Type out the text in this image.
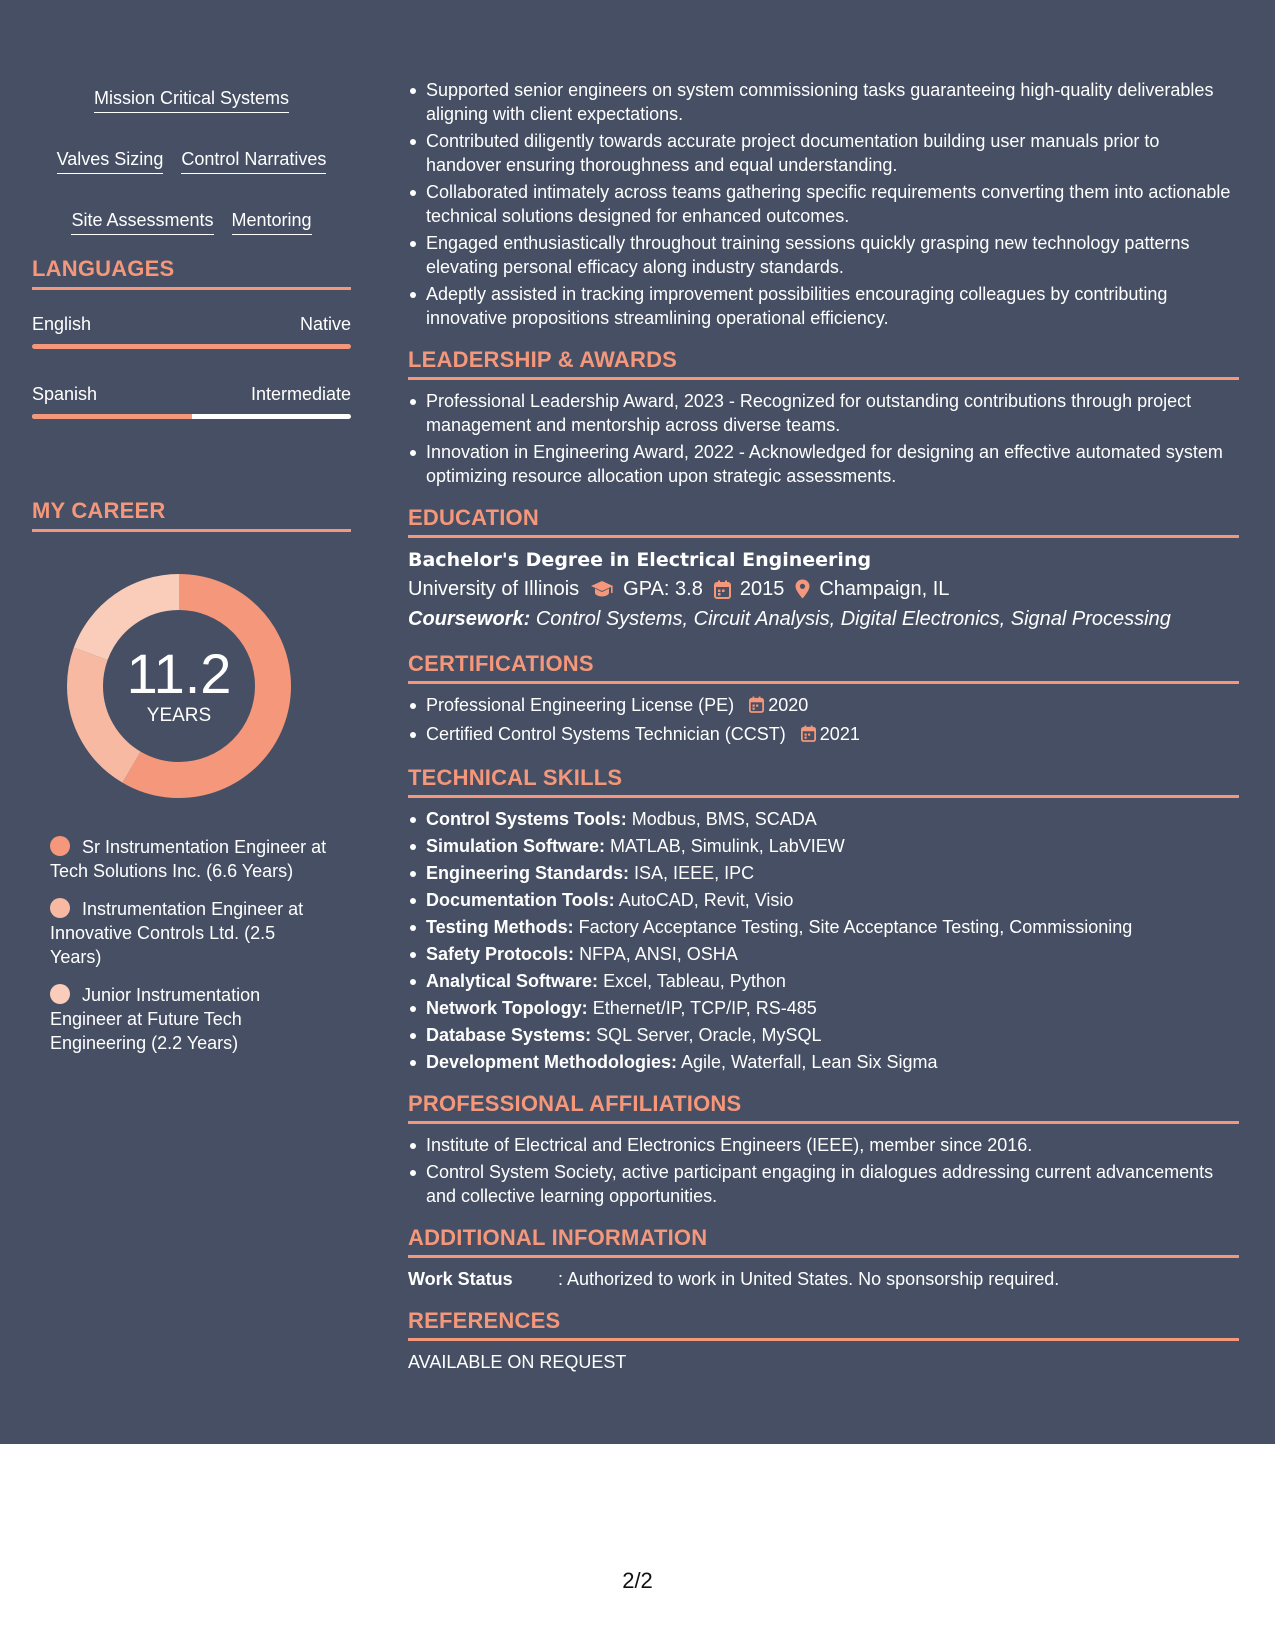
Mission Critical Systems
Valves Sizing Control Narratives
Site Assessments Mentoring
LANGUAGES
English	Native
Spanish	Intermediate
MY CAREER
11.2
YEARS
Sr Instrumentation Engineer at Tech Solutions Inc. (6.6 Years)
Instrumentation Engineer at Innovative Controls Ltd. (2.5 Years)
Junior Instrumentation Engineer at Future Tech Engineering (2.2 Years)
Supported senior engineers on system commissioning tasks guaranteeing high-quality deliverables aligning with client expectations.
Contributed diligently towards accurate project documentation building user manuals prior to handover ensuring thoroughness and equal understanding.
Collaborated intimately across teams gathering specific requirements converting them into actionable technical solutions designed for enhanced outcomes.
Engaged enthusiastically throughout training sessions quickly grasping new technology patterns elevating personal efficacy along industry standards.
Adeptly assisted in tracking improvement possibilities encouraging colleagues by contributing innovative propositions streamlining operational efficiency.
LEADERSHIP & AWARDS
Professional Leadership Award, 2023 - Recognized for outstanding contributions through project management and mentorship across diverse teams.
Innovation in Engineering Award, 2022 - Acknowledged for designing an effective automated system optimizing resource allocation upon strategic assessments.
EDUCATION
Bachelor's Degree in Electrical Engineering
University of Illinois GPA: 3.8 2015 Champaign, IL
Coursework: Control Systems, Circuit Analysis, Digital Electronics, Signal Processing
CERTIFICATIONS
Professional Engineering License (PE) 2020
Certified Control Systems Technician (CCST) 2021
TECHNICAL SKILLS
Control Systems Tools: Modbus, BMS, SCADA
Simulation Software: MATLAB, Simulink, LabVIEW
Engineering Standards: ISA, IEEE, IPC
Documentation Tools: AutoCAD, Revit, Visio
Testing Methods: Factory Acceptance Testing, Site Acceptance Testing, Commissioning
Safety Protocols: NFPA, ANSI, OSHA
Analytical Software: Excel, Tableau, Python
Network Topology: Ethernet/IP, TCP/IP, RS-485
Database Systems: SQL Server, Oracle, MySQL
Development Methodologies: Agile, Waterfall, Lean Six Sigma
PROFESSIONAL AFFILIATIONS
Institute of Electrical and Electronics Engineers (IEEE), member since 2016.
Control System Society, active participant engaging in dialogues addressing current advancements and collective learning opportunities.
ADDITIONAL INFORMATION
Work Status	: Authorized to work in United States. No sponsorship required.
REFERENCES
AVAILABLE ON REQUEST
2/2
